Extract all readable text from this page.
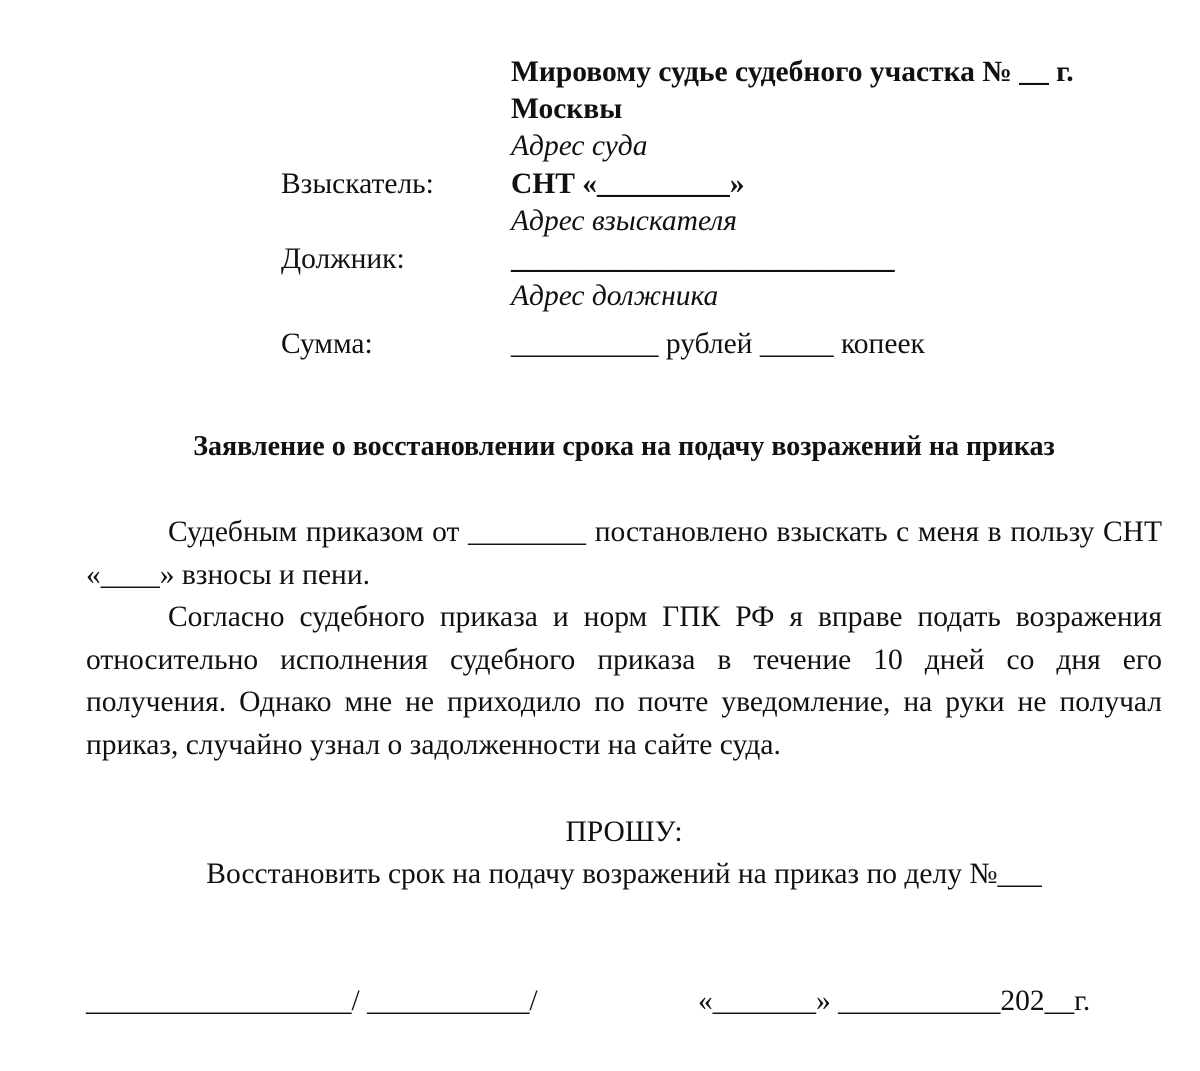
Мировому судье судебного участка № __ г.
Москвы
Адрес суда
Взыскатель:	СНТ «_________»
Адрес взыскателя
Должник:	__________________________
Адрес должника
Сумма:	__________ рублей _____ копеек
Заявление о восстановлении срока на подачу возражений на приказ
Судебным приказом от ________ постановлено взыскать с меня в пользу СНТ «____» взносы и пени.
Согласно судебного приказа и норм ГПК РФ я вправе подать возражения относительно исполнения судебного приказа в течение 10 дней со дня его получения. Однако мне не приходило по почте уведомление, на руки не получал приказ, случайно узнал о задолженности на сайте суда.
ПРОШУ:
Восстановить срок на подачу возражений на приказ по делу №___
__________________/ ___________/	«_______» ___________202__г.
